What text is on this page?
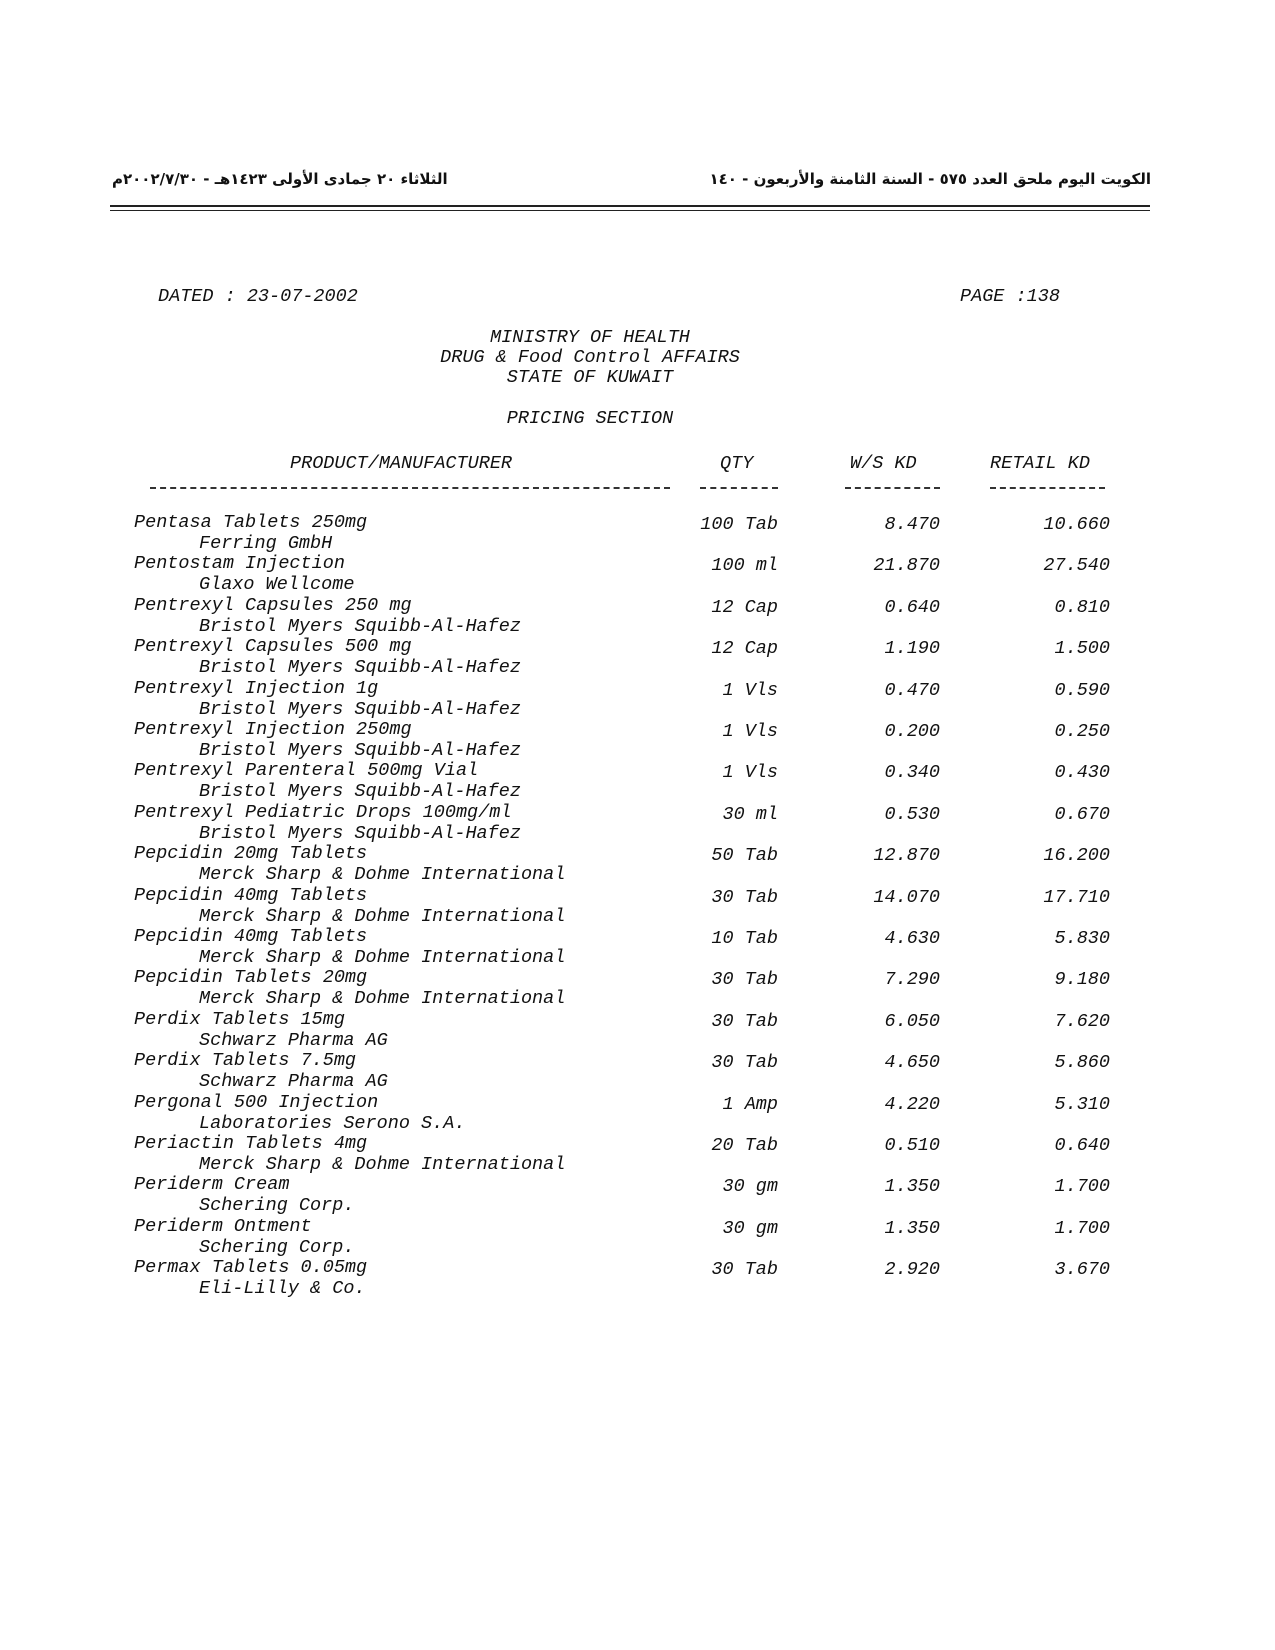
الكويت اليوم ملحق العدد ٥٧٥ - السنة الثامنة والأربعون - ١٤٠
الثلاثاء ٢٠ جمادى الأولى ١٤٢٣هـ - ٢٠٠٢/٧/٣٠م
DATED : 23-07-2002	PAGE :138
MINISTRY OF HEALTH
DRUG & Food Control AFFAIRS
STATE OF KUWAIT
PRICING SECTION
PRODUCT/MANUFACTURER	QTY	W/S KD	RETAIL KD
Pentasa Tablets 250mg
Ferring GmbH
100 Tab	8.470	10.660
Pentostam Injection
Glaxo Wellcome
100 ml	21.870	27.540
Pentrexyl Capsules 250 mg
Bristol Myers Squibb-Al-Hafez
12 Cap	0.640	0.810
Pentrexyl Capsules 500 mg
Bristol Myers Squibb-Al-Hafez
12 Cap	1.190	1.500
Pentrexyl Injection 1g
Bristol Myers Squibb-Al-Hafez
1 Vls	0.470	0.590
Pentrexyl Injection 250mg
Bristol Myers Squibb-Al-Hafez
1 Vls	0.200	0.250
Pentrexyl Parenteral 500mg Vial
Bristol Myers Squibb-Al-Hafez
1 Vls	0.340	0.430
Pentrexyl Pediatric Drops 100mg/ml
Bristol Myers Squibb-Al-Hafez
30 ml	0.530	0.670
Pepcidin 20mg Tablets
Merck Sharp & Dohme International
50 Tab	12.870	16.200
Pepcidin 40mg Tablets
Merck Sharp & Dohme International
30 Tab	14.070	17.710
Pepcidin 40mg Tablets
Merck Sharp & Dohme International
10 Tab	4.630	5.830
Pepcidin Tablets 20mg
Merck Sharp & Dohme International
30 Tab	7.290	9.180
Perdix Tablets 15mg
Schwarz Pharma AG
30 Tab	6.050	7.620
Perdix Tablets 7.5mg
Schwarz Pharma AG
30 Tab	4.650	5.860
Pergonal 500 Injection
Laboratories Serono S.A.
1 Amp	4.220	5.310
Periactin Tablets 4mg
Merck Sharp & Dohme International
20 Tab	0.510	0.640
Periderm Cream
Schering Corp.
30 gm	1.350	1.700
Periderm Ontment
Schering Corp.
30 gm	1.350	1.700
Permax Tablets 0.05mg
Eli-Lilly & Co.
30 Tab	2.920	3.670
